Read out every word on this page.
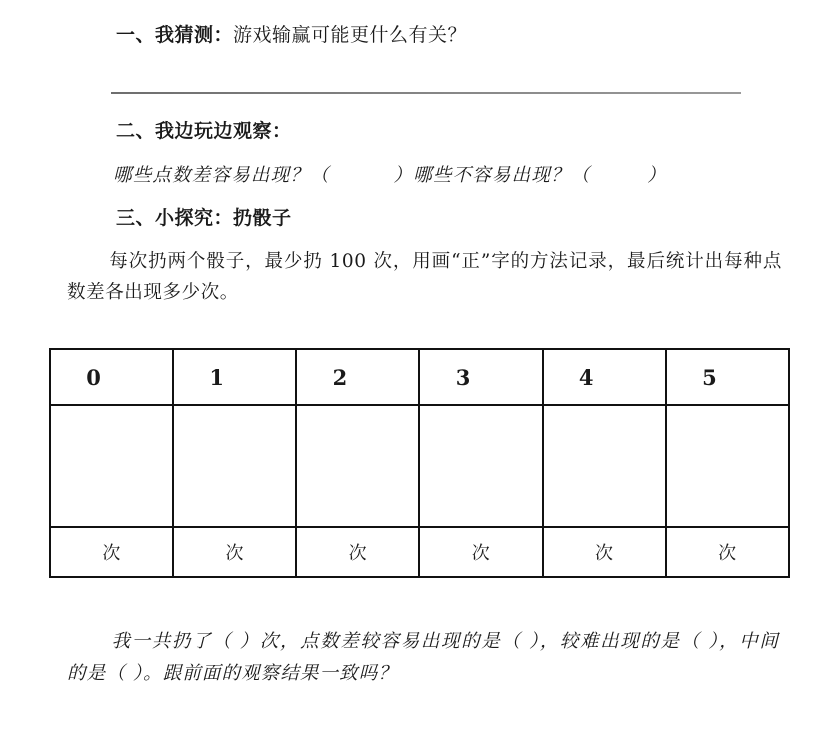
一、我猜测：游戏输赢可能更什么有关？
二、我边玩边观察：
哪些点数差容易出现？（         ）哪些不容易出现？（        ）
三、小探究：扔骰子
每次扔两个骰子，最少扔 100 次，用画“正”字的方法记录，最后统计出每种点数差各出现多少次。
0	1	2	3	4	5

次	次	次	次	次	次
我一共扔了（ ）次，点数差较容易出现的是（ ），较难出现的是（ ），中间的是（ ）。跟前面的观察结果一致吗？
